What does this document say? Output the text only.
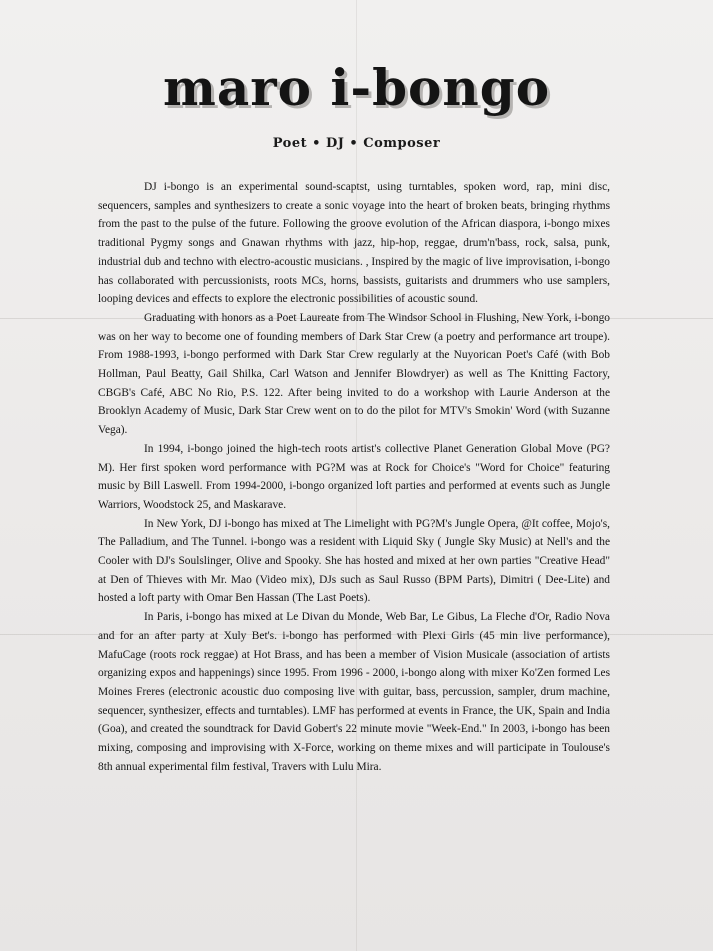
maro i-bongo
Poet • DJ • Composer

DJ i-bongo is an experimental sound-scaptst, using turntables, spoken word, rap, mini disc, sequencers, samples and synthesizers to create a sonic voyage into the heart of broken beats, bringing rhythms from the past to the pulse of the future. Following the groove evolution of the African diaspora, i-bongo mixes traditional Pygmy songs and Gnawan rhythms with jazz, hip-hop, reggae, drum'n'bass, rock, salsa, punk, industrial dub and techno with electro-acoustic musicians. , Inspired by the magic of live improvisation, i-bongo has collaborated with percussionists, roots MCs, horns, bassists, guitarists and drummers who use samplers, looping devices and effects to explore the electronic possibilities of acoustic sound.

Graduating with honors as a Poet Laureate from The Windsor School in Flushing, New York, i-bongo was on her way to become one of founding members of Dark Star Crew (a poetry and performance art troupe). From 1988-1993, i-bongo performed with Dark Star Crew regularly at the Nuyorican Poet's Café (with Bob Hollman, Paul Beatty, Gail Shilka, Carl Watson and Jennifer Blowdryer) as well as The Knitting Factory, CBGB's Café, ABC No Rio, P.S. 122. After being invited to do a workshop with Laurie Anderson at the Brooklyn Academy of Music, Dark Star Crew went on to do the pilot for MTV's Smokin' Word (with Suzanne Vega).

In 1994, i-bongo joined the high-tech roots artist's collective Planet Generation Global Move (PG?M). Her first spoken word performance with PG?M was at Rock for Choice's "Word for Choice" featuring music by Bill Laswell. From 1994-2000, i-bongo organized loft parties and performed at events such as Jungle Warriors, Woodstock 25, and Maskarave.

In New York, DJ i-bongo has mixed at The Limelight with PG?M's Jungle Opera, @It coffee, Mojo's, The Palladium, and The Tunnel. i-bongo was a resident with Liquid Sky ( Jungle Sky Music) at Nell's and the Cooler with DJ's Soulslinger, Olive and Spooky. She has hosted and mixed at her own parties "Creative Head" at Den of Thieves with Mr. Mao (Video mix), DJs such as Saul Russo (BPM Parts), Dimitri ( Dee-Lite) and hosted a loft party with Omar Ben Hassan (The Last Poets).

In Paris, i-bongo has mixed at Le Divan du Monde, Web Bar, Le Gibus, La Fleche d'Or, Radio Nova and for an after party at Xuly Bet's. i-bongo has performed with Plexi Girls (45 min live performance), MafuCage (roots rock reggae) at Hot Brass, and has been a member of Vision Musicale (association of artists organizing expos and happenings) since 1995. From 1996 - 2000, i-bongo along with mixer Ko'Zen formed Les Moines Freres (electronic acoustic duo composing live with guitar, bass, percussion, sampler, drum machine, sequencer, synthesizer, effects and turntables). LMF has performed at events in France, the UK, Spain and India (Goa), and created the soundtrack for David Gobert's 22 minute movie "Week-End." In 2003, i-bongo has been mixing, composing and improvising with X-Force, working on theme mixes and will participate in Toulouse's 8th annual experimental film festival, Travers with Lulu Mira.
